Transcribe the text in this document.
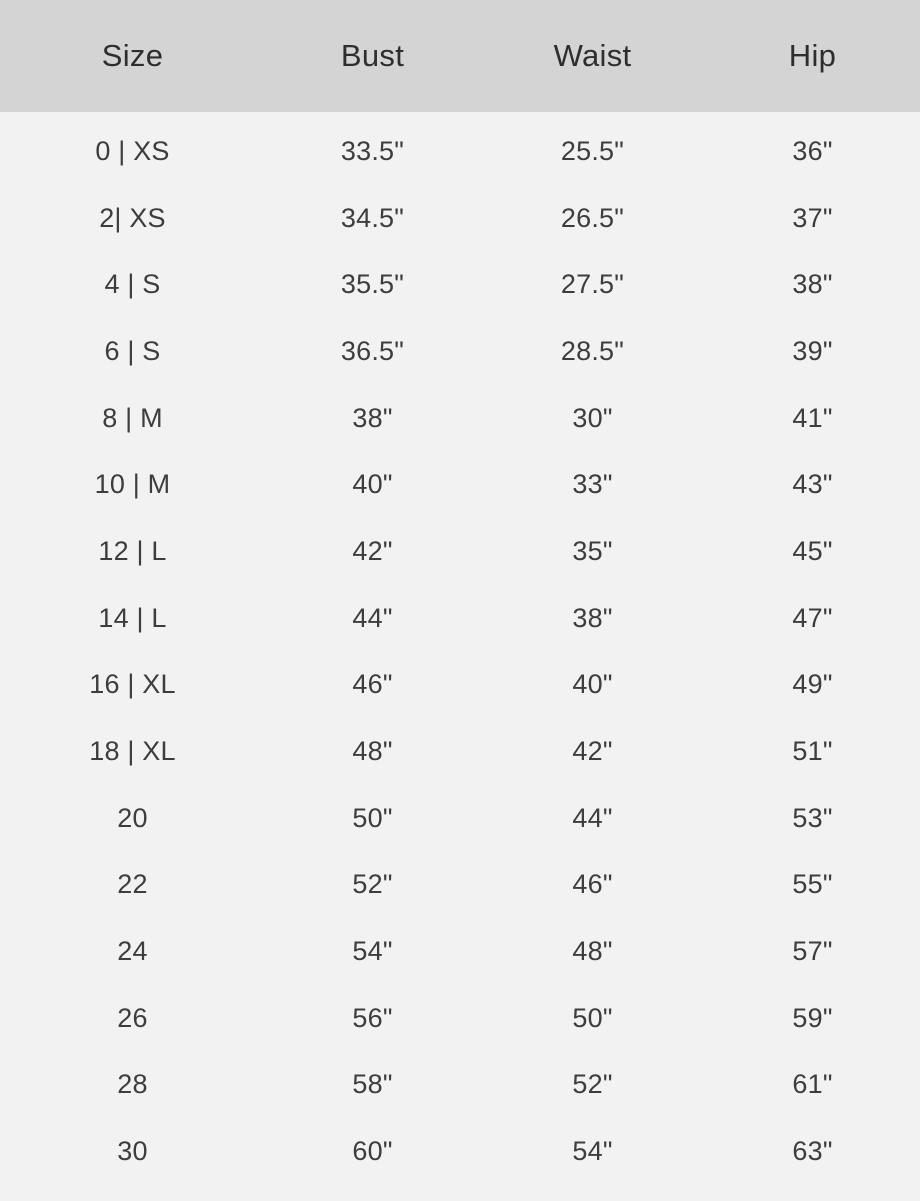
Size	Bust	Waist	Hip
0 | XS	33.5"	25.5"	36"
2| XS	34.5"	26.5"	37"
4 | S	35.5"	27.5"	38"
6 | S	36.5"	28.5"	39"
8 | M	38"	30"	41"
10 | M	40"	33"	43"
12 | L	42"	35"	45"
14 | L	44"	38"	47"
16 | XL	46"	40"	49"
18 | XL	48"	42"	51"
20	50"	44"	53"
22	52"	46"	55"
24	54"	48"	57"
26	56"	50"	59"
28	58"	52"	61"
30	60"	54"	63"
